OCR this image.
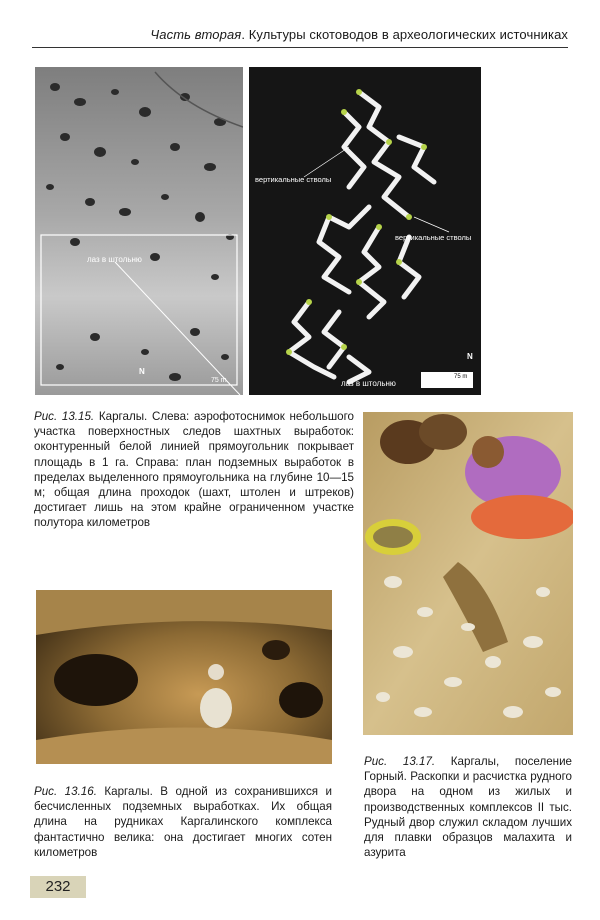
Часть вторая. Культуры скотоводов в археологических источниках
лаз в штольню
N
75 m
вертикальные стволы
вертикальные стволы
лаз в штольню
N
75 m
Рис. 13.15. Каргалы. Слева: аэрофотоснимок небольшого участка поверхностных следов шахтных выработок: оконтуренный белой линией прямоугольник покрывает площадь в 1 га. Справа: план подземных выработок в пределах выделенного прямоугольника на глубине 10—15 м; общая длина проходок (шахт, штолен и штреков) достигает лишь на этом крайне ограниченном участке полутора километров
Рис. 13.17. Каргалы, поселение Горный. Раскопки и расчистка рудного двора на одном из жилых и производственных комплексов II тыс. Рудный двор служил складом лучших для плавки образцов малахита и азурита
Рис. 13.16. Каргалы. В одной из сохранившихся и бесчисленных подземных выработках. Их общая длина на рудниках Каргалинского комплекса фантастично велика: она достигает многих сотен километров
232
